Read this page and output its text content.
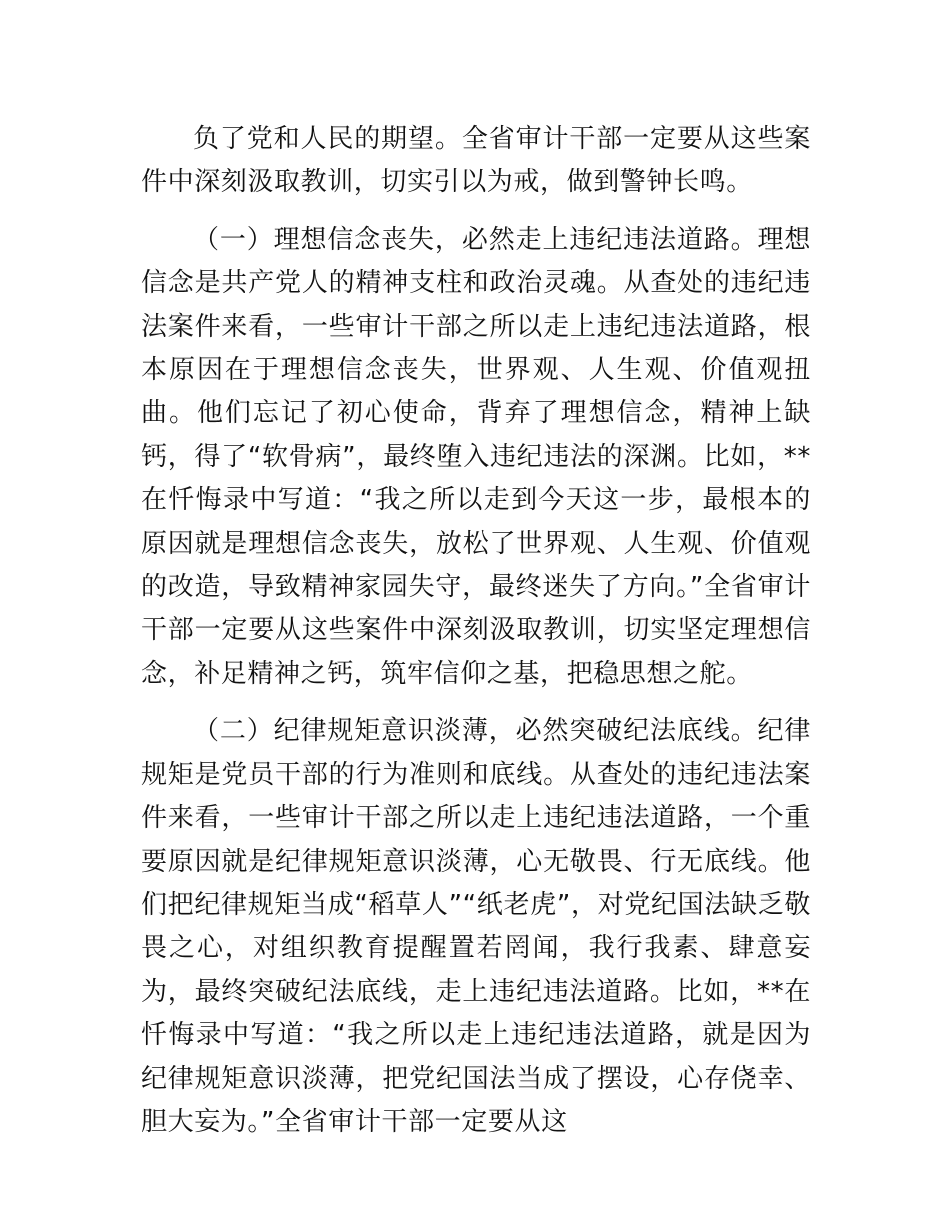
负了党和人民的期望。全省审计干部一定要从这些案件中深刻汲取教训，切实引以为戒，做到警钟长鸣。

（一）理想信念丧失，必然走上违纪违法道路。理想信念是共产党人的精神支柱和政治灵魂。从查处的违纪违法案件来看，一些审计干部之所以走上违纪违法道路，根本原因在于理想信念丧失，世界观、人生观、价值观扭曲。他们忘记了初心使命，背弃了理想信念，精神上缺钙，得了“软骨病”，最终堕入违纪违法的深渊。比如，**在忏悔录中写道：“我之所以走到今天这一步，最根本的原因就是理想信念丧失，放松了世界观、人生观、价值观的改造，导致精神家园失守，最终迷失了方向。”全省审计干部一定要从这些案件中深刻汲取教训，切实坚定理想信念，补足精神之钙，筑牢信仰之基，把稳思想之舵。

（二）纪律规矩意识淡薄，必然突破纪法底线。纪律规矩是党员干部的行为准则和底线。从查处的违纪违法案件来看，一些审计干部之所以走上违纪违法道路，一个重要原因就是纪律规矩意识淡薄，心无敬畏、行无底线。他们把纪律规矩当成“稻草人”“纸老虎”，对党纪国法缺乏敬畏之心，对组织教育提醒置若罔闻，我行我素、肆意妄为，最终突破纪法底线，走上违纪违法道路。比如，**在忏悔录中写道：“我之所以走上违纪违法道路，就是因为纪律规矩意识淡薄，把党纪国法当成了摆设，心存侥幸、胆大妄为。”全省审计干部一定要从这
